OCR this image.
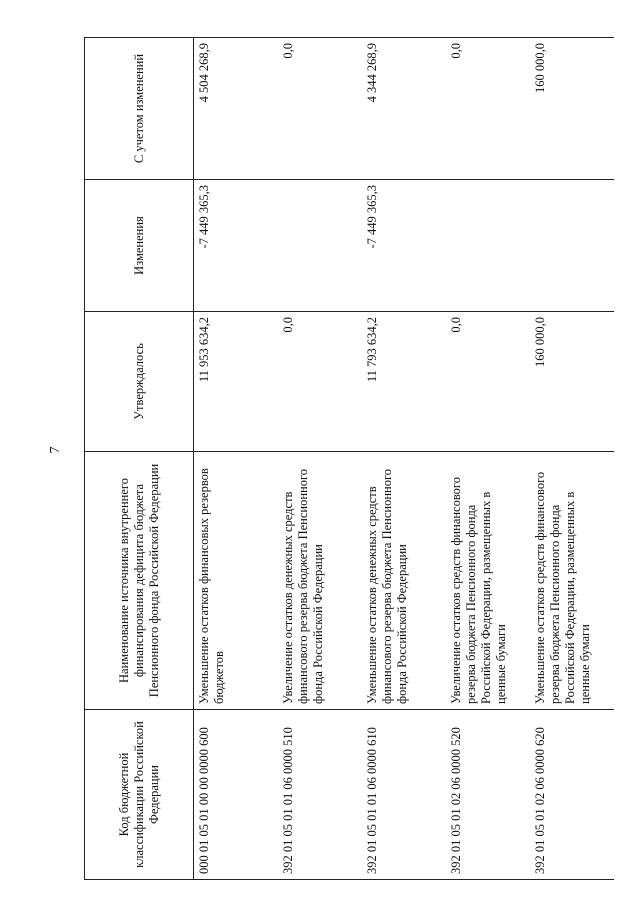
7
Код бюджетной классификации Российской Федерации	Наименование источника внутреннего финансирования дефицита бюджета Пенсионного фонда Российской Федерации	Утверждалось	Изменения	С учетом изменений
000 01 05 01 00 00 0000 600	Уменьшение остатков финансовых резервов бюджетов	11 953 634,2	-7 449 365,3	4 504 268,9
392 01 05 01 01 06 0000 510	Увеличение остатков денежных средств финансового резерва бюджета Пенсионного фонда Российской Федерации	0,0		0,0
392 01 05 01 01 06 0000 610	Уменьшение остатков денежных средств финансового резерва бюджета Пенсионного фонда Российской Федерации	11 793 634,2	-7 449 365,3	4 344 268,9
392 01 05 01 02 06 0000 520	Увеличение остатков средств финансового резерва бюджета Пенсионного фонда Российской Федерации, размещенных в ценные бумаги	0,0		0,0
392 01 05 01 02 06 0000 620	Уменьшение остатков средств финансового резерва бюджета Пенсионного фонда Российской Федерации, размещенных в ценные бумаги	160 000,0		160 000,0
